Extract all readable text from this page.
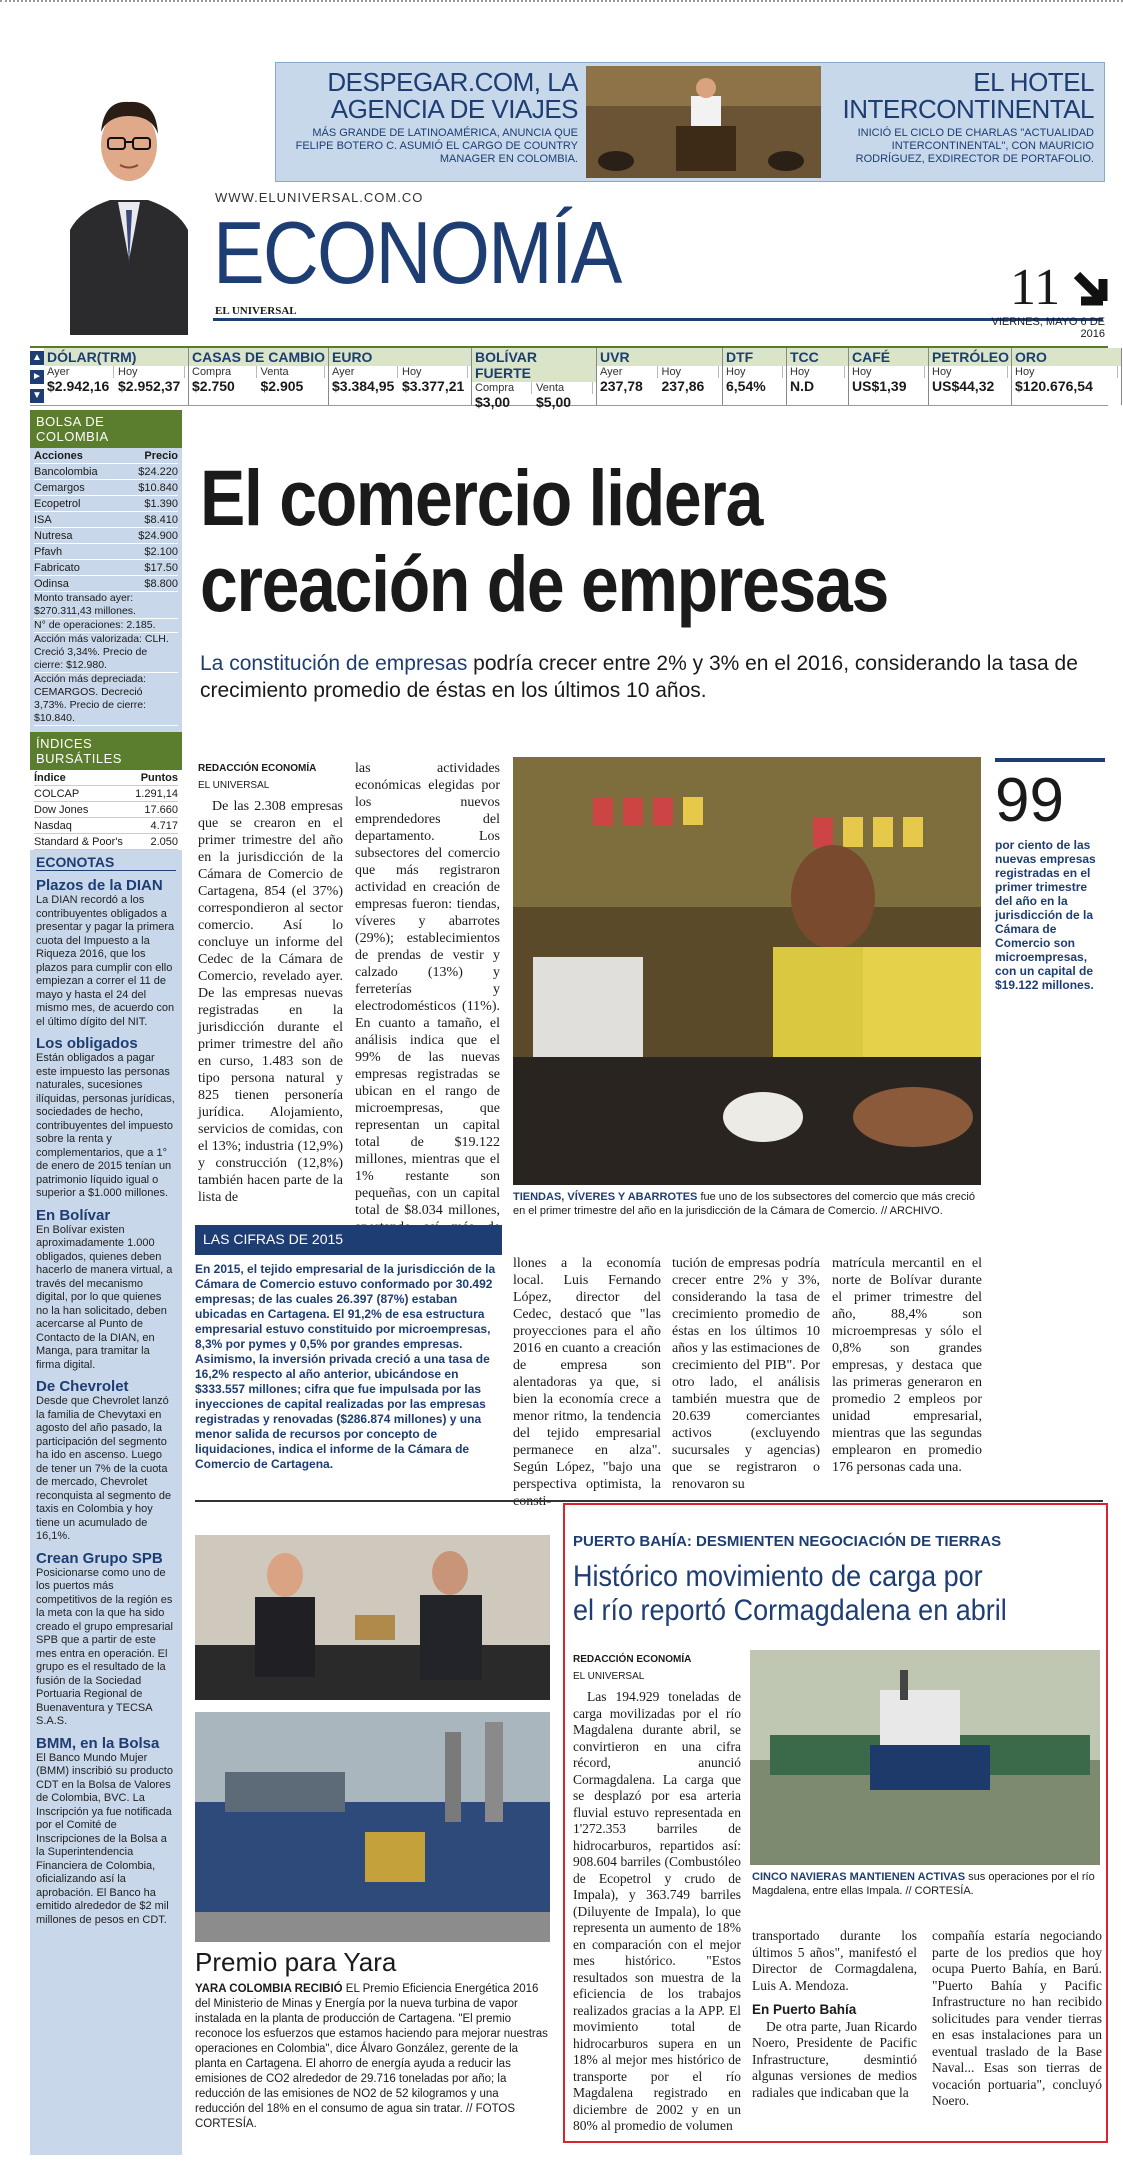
DESPEGAR.COM, LA AGENCIA DE VIAJES
MÁS GRANDE DE LATINOAMÉRICA, ANUNCIA QUE FELIPE BOTERO C. ASUMIÓ EL CARGO DE COUNTRY MANAGER EN COLOMBIA.
EL HOTEL INTERCONTINENTAL
INICIÓ EL CICLO DE CHARLAS "ACTUALIDAD INTERCONTINENTAL", CON MAURICIO RODRÍGUEZ, EXDIRECTOR DE PORTAFOLIO.
WWW.ELUNIVERSAL.COM.CO
ECONOMÍA
EL UNIVERSAL	11
VIERNES, MAYO 6 DE 2016
▲
►
▼
DÓLAR(TRM)
Ayer	Hoy
$2.942,16 $2.952,37
CASAS DE CAMBIO
Compra	Venta
$2.750	$2.905
EURO
Ayer	Hoy
$3.384,95 $3.377,21
BOLÍVAR FUERTE
Compra	Venta
$3,00	$5,00
UVR
Ayer	Hoy
237,78	237,86
DTF
Hoy
6,54%
TCC
Hoy
N.D
CAFÉ
Hoy
US$1,39
PETRÓLEO
Hoy
US$44,32
ORO
Hoy
$120.676,54
BOLSA DE COLOMBIA
Acciones	Precio
Bancolombia	$24.220
Cemargos	$10.840
Ecopetrol	$1.390
ISA	$8.410
Nutresa	$24.900
Pfavh	$2.100
Fabricato	$17.50
Odinsa	$8.800
Monto transado ayer: $270.311,43 millones.
N° de operaciones: 2.185.
Acción más valorizada: CLH. Creció 3,34%. Precio de cierre: $12.980.
Acción más depreciada: CEMARGOS. Decreció 3,73%. Precio de cierre: $10.840.
ÍNDICES BURSÁTILES
Índice	Puntos
COLCAP	1.291,14
Dow Jones	17.660
Nasdaq	4.717
Standard & Poor's	2.050
ECONOTAS
Plazos de la DIAN

La DIAN recordó a los contribuyentes obligados a presentar y pagar la primera cuota del Impuesto a la Riqueza 2016, que los plazos para cumplir con ello empiezan a correr el 11 de mayo y hasta el 24 del mismo mes, de acuerdo con el último dígito del NIT.

Los obligados

Están obligados a pagar este impuesto las personas naturales, sucesiones ilíquidas, personas jurídicas, sociedades de hecho, contribuyentes del impuesto sobre la renta y complementarios, que a 1° de enero de 2015 tenían un patrimonio líquido igual o superior a $1.000 millones.

En Bolívar

En Bolívar existen aproximadamente 1.000 obligados, quienes deben hacerlo de manera virtual, a través del mecanismo digital, por lo que quienes no la han solicitado, deben acercarse al Punto de Contacto de la DIAN, en Manga, para tramitar la firma digital.

De Chevrolet

Desde que Chevrolet lanzó la familia de Chevytaxi en agosto del año pasado, la participación del segmento ha ido en ascenso. Luego de tener un 7% de la cuota de mercado, Chevrolet reconquista al segmento de taxis en Colombia y hoy tiene un acumulado de 16,1%.

Crean Grupo SPB

Posicionarse como uno de los puertos más competitivos de la región es la meta con la que ha sido creado el grupo empresarial SPB que a partir de este mes entra en operación. El grupo es el resultado de la fusión de la Sociedad Portuaria Regional de Buenaventura y TECSA S.A.S.

BMM, en la Bolsa

El Banco Mundo Mujer (BMM) inscribió su producto CDT en la Bolsa de Valores de Colombia, BVC. La Inscripción ya fue notificada por el Comité de Inscripciones de la Bolsa a la Superintendencia Financiera de Colombia, oficializando así la aprobación. El Banco ha emitido alrededor de $2 mil millones de pesos en CDT.

El comercio lidera
creación de empresas
La constitución de empresas podría crecer entre 2% y 3% en el 2016, considerando la tasa de crecimiento promedio de éstas en los últimos 10 años.
REDACCIÓN ECONOMÍA
EL UNIVERSAL

De las 2.308 empresas que se crearon en el primer trimestre del año en la jurisdicción de la Cámara de Comercio de Cartagena, 854 (el 37%) correspondieron al sector comercio. Así lo concluye un informe del Cedec de la Cámara de Comercio, revelado ayer. De las empresas nuevas registradas en la jurisdicción durante el primer trimestre del año en curso, 1.483 son de tipo persona natural y 825 tienen personería jurídica. Alojamiento, servicios de comidas, con el 13%; industria (12,9%) y construcción (12,8%) también hacen parte de la lista de

las actividades económicas elegidas por los nuevos emprendedores del departamento. Los subsectores del comercio que más registraron actividad en creación de empresas fueron: tiendas, víveres y abarrotes (29%); establecimientos de prendas de vestir y calzado (13%) y ferreterías y electrodomésticos (11%). En cuanto a tamaño, el análisis indica que el 99% de las nuevas empresas registradas se ubican en el rango de microempresas, que representan un capital total de $19.122 millones, mientras que el 1% restante son pequeñas, con un capital total de $8.034 millones,

TIENDAS, VÍVERES Y ABARROTES fue uno de los subsectores del comercio que más creció en el primer trimestre del año en la jurisdicción de la Cámara de Comercio. // ARCHIVO.
99
por ciento de las nuevas empresas registradas en el primer trimestre del año en la jurisdicción de la Cámara de Comercio son microempresas, con un capital de $19.122 millones.
LAS CIFRAS DE 2015
En 2015, el tejido empresarial de la jurisdicción de la Cámara de Comercio estuvo conformado por 30.492 empresas; de las cuales 26.397 (87%) estaban ubicadas en Cartagena. El 91,2% de esa estructura empresarial estuvo constituido por microempresas, 8,3% por pymes y 0,5% por grandes empresas. Asimismo, la inversión privada creció a una tasa de 16,2% respecto al año anterior, ubicándose en $333.557 millones; cifra que fue impulsada por las inyecciones de capital realizadas por las empresas registradas y renovadas ($286.874 millones) y una menor salida de recursos por concepto de liquidaciones, indica el informe de la Cámara de Comercio de Cartagena.

llones a la economía local. Luis Fernando López, director del Cedec, destacó que "las proyecciones para el año 2016 en cuanto a creación de empresa son alentadoras ya que, si bien la economía crece a menor ritmo, la tendencia del tejido empresarial permanece en alza". Según López, "bajo una perspectiva optimista, la

tución de empresas podría crecer entre 2% y 3%, considerando la tasa de crecimiento promedio de éstas en los últimos 10 años y las estimaciones de crecimiento del PIB". Por otro lado, el análisis también muestra que de 20.639 comerciantes activos (excluyendo sucursales y agencias) que se registraron o renovaron su

matrícula mercantil en el norte de Bolívar durante el primer trimestre del año, 88,4% son microempresas y sólo el 0,8% son grandes empresas, y destaca que las primeras generaron en promedio 2 empleos por unidad empresarial, mientras que las segundas emplearon en promedio 176 personas cada una.

Premio para Yara
YARA COLOMBIA RECIBIÓ EL Premio Eficiencia Energética 2016 del Ministerio de Minas y Energía por la nueva turbina de vapor instalada en la planta de producción de Cartagena. "El premio reconoce los esfuerzos que estamos haciendo para mejorar nuestras operaciones en Colombia", dice Álvaro González, gerente de la planta en Cartagena. El ahorro de energía ayuda a reducir las emisiones de CO2 alrededor de 29.716 toneladas por año; la reducción de las emisiones de NO2 de 52 kilogramos y una reducción del 18% en el consumo de agua sin tratar. // FOTOS CORTESÍA.
PUERTO BAHÍA: DESMIENTEN NEGOCIACIÓN DE TIERRAS
Histórico movimiento de carga por
el río reportó Cormagdalena en abril
REDACCIÓN ECONOMÍA
EL UNIVERSAL

Las 194.929 toneladas de carga movilizadas por el río Magdalena durante abril, se convirtieron en una cifra récord, anunció Cormagdalena. La carga que se desplazó por esa arteria fluvial estuvo representada en 1'272.353 barriles de hidrocarburos, repartidos así: 908.604 barriles (Combustóleo de Ecopetrol y crudo de Impala), y 363.749 barriles (Diluyente de Impala), lo que representa un aumento de 18% en comparación con el mejor mes histórico. "Estos resultados son muestra de la eficiencia de los trabajos realizados gracias a la APP. El movimiento total de hidrocarburos supera en un 18% al mejor mes histórico de transporte por el río Magdalena registrado en diciembre de 2002 y en un 80% al promedio de volumen

CINCO NAVIERAS MANTIENEN ACTIVAS sus operaciones por el río Magdalena, entre ellas Impala. // CORTESÍA.

transportado durante los últimos 5 años", manifestó el Director de Cormagdalena, Luis A. Mendoza.

En Puerto Bahía

De otra parte, Juan Ricardo Noero, Presidente de Pacific Infrastructure, desmintió algunas versiones de medios radiales que indicaban que la

compañía estaría negociando parte de los predios que hoy ocupa Puerto Bahía, en Barú. "Puerto Bahía y Pacific Infrastructure no han recibido solicitudes para vender tierras en esas instalaciones para un eventual traslado de la Base Naval... Esas son tierras de vocación portuaria", concluyó Noero.
